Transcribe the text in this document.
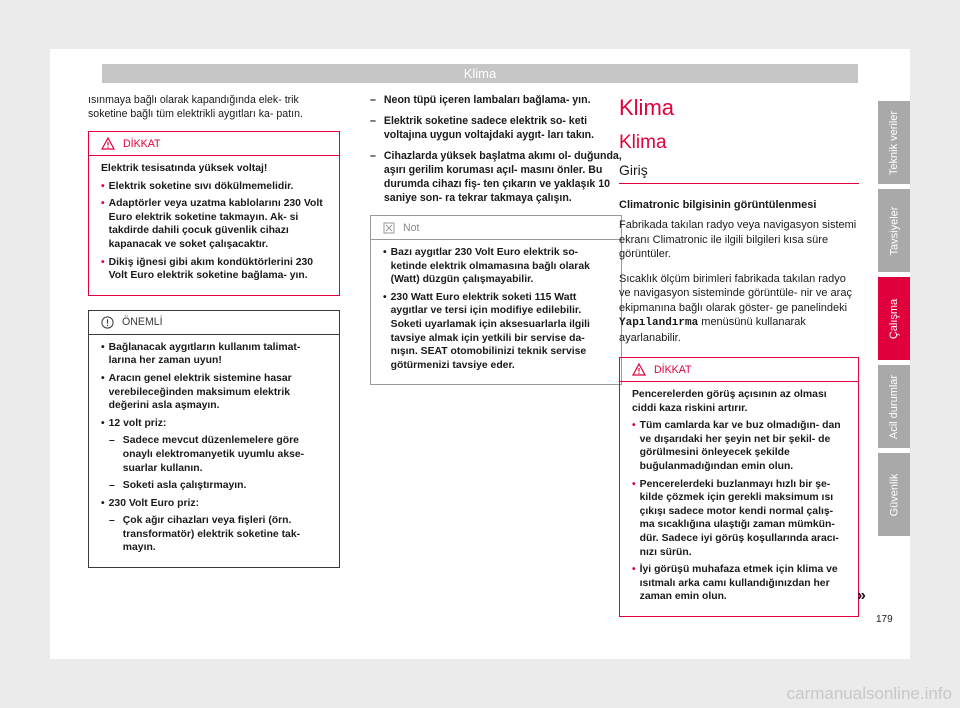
Klima

ısınmaya bağlı olarak kapandığında elek- trik soketine bağlı tüm elektrikli aygıtları ka- patın.

DİKKAT
Elektrik tesisatında yüksek voltaj!
• Elektrik soketine sıvı dökülmemelidir.
• Adaptörler veya uzatma kablolarını 230 Volt Euro elektrik soketine takmayın. Ak- si takdirde dahili çocuk güvenlik cihazı kapanacak ve soket çalışacaktır.
• Dikiş iğnesi gibi akım kondüktörlerini 230 Volt Euro elektrik soketine bağlama- yın.
ÖNEMLİ
• Bağlanacak aygıtların kullanım talimat- larına her zaman uyun!
• Aracın genel elektrik sistemine hasar verebileceğinden maksimum elektrik değerini asla aşmayın.
• 12 volt priz:
– Sadece mevcut düzenlemelere göre onaylı elektromanyetik uyumlu akse- suarlar kullanın.
– Soketi asla çalıştırmayın.
• 230 Volt Euro priz:
– Çok ağır cihazları veya fişleri (örn. transformatör) elektrik soketine tak- mayın.
– Neon tüpü içeren lambaları bağlama- yın.
– Elektrik soketine sadece elektrik so- keti voltajına uygun voltajdaki aygıt- ları takın.
– Cihazlarda yüksek başlatma akımı ol- duğunda, aşırı gerilim koruması açıl- masını önler. Bu durumda cihazı fiş- ten çıkarın ve yaklaşık 10 saniye son- ra tekrar takmaya çalışın.
Not
• Bazı aygıtlar 230 Volt Euro elektrik so- ketinde elektrik olmamasına bağlı olarak (Watt) düzgün çalışmayabilir.
• 230 Watt Euro elektrik soketi 115 Watt aygıtlar ve tersi için modifiye edilebilir. Soketi uyarlamak için aksesuarlarla ilgili tavsiye almak için yetkili bir servise da- nışın. SEAT otomobilinizi teknik servise götürmenizi tavsiye eder.
Klima
Klima
Giriş
Climatronic bilgisinin görüntülenmesi

Fabrikada takılan radyo veya navigasyon sistemi ekranı Climatronic ile ilgili bilgileri kısa süre görüntüler.

Sıcaklık ölçüm birimleri fabrikada takılan radyo ve navigasyon sisteminde görüntüle- nir ve araç ekipmanına bağlı olarak göster- ge panelindeki Yapılandırma menüsünü kullanarak ayarlanabilir.

DİKKAT
Pencerelerden görüş açısının az olması ciddi kaza riskini artırır.
• Tüm camlarda kar ve buz olmadığın- dan ve dışarıdaki her şeyin net bir şekil- de görülmesini önleyecek şekilde buğulanmadığından emin olun.
• Pencerelerdeki buzlanmayı hızlı bir şe- kilde çözmek için gerekli maksimum ısı çıkışı sadece motor kendi normal çalış- ma sıcaklığına ulaştığı zaman mümkün- dür. Sadece iyi görüş koşullarında aracı- nızı sürün.
• İyi görüşü muhafaza etmek için klima ve ısıtmalı arka camı kullandığınızdan her zaman emin olun.
Teknik veriler
Tavsiyeler
Çalışma
Acil durumlar
Güvenlik
»
179
carmanualsonline.info
